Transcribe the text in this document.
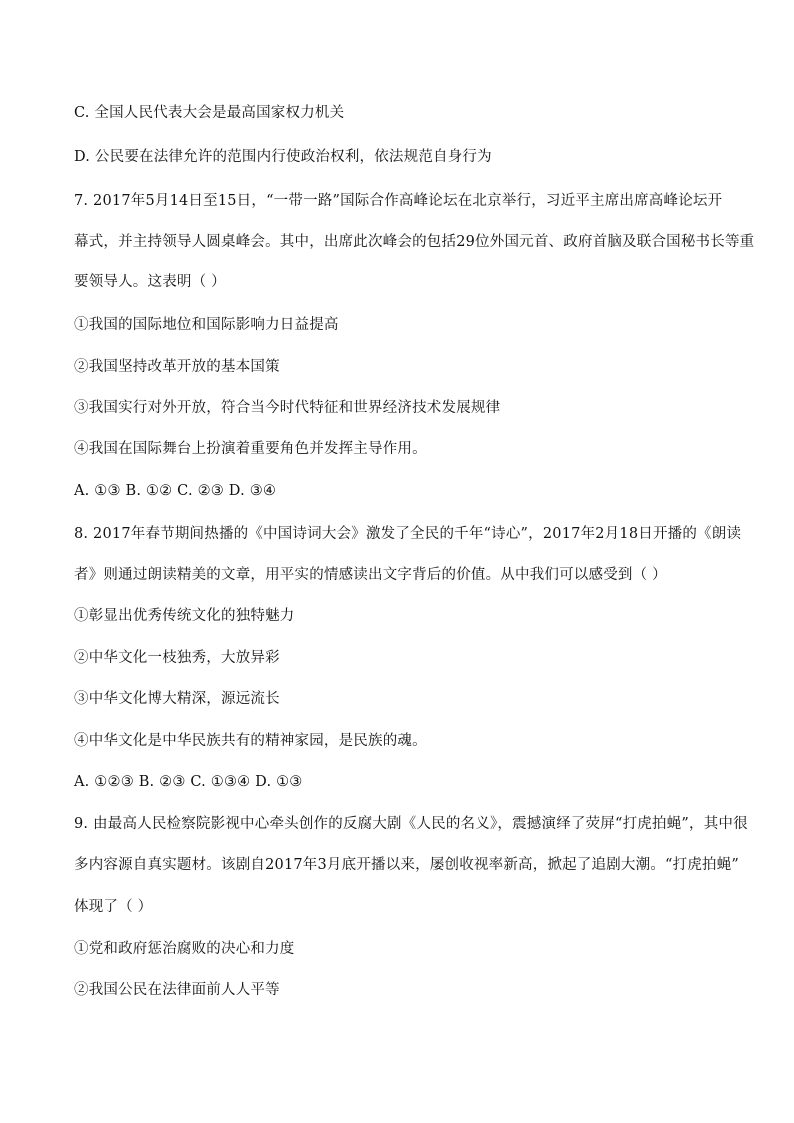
C. 全国人民代表大会是最高国家权力机关
D. 公民要在法律允许的范围内行使政治权利，依法规范自身行为
7. 2017年5月14日至15日，“一带一路”国际合作高峰论坛在北京举行，习近平主席出席高峰论坛开
幕式，并主持领导人圆桌峰会。其中，出席此次峰会的包括29位外国元首、政府首脑及联合国秘书长等重
要领导人。这表明（ ）
①我国的国际地位和国际影响力日益提高
②我国坚持改革开放的基本国策
③我国实行对外开放，符合当今时代特征和世界经济技术发展规律
④我国在国际舞台上扮演着重要角色并发挥主导作用。
A. ①③ B. ①② C. ②③ D. ③④
8. 2017年春节期间热播的《中国诗词大会》激发了全民的千年“诗心”，2017年2月18日开播的《朗读
者》则通过朗读精美的文章，用平实的情感读出文字背后的价值。从中我们可以感受到（ ）
①彰显出优秀传统文化的独特魅力
②中华文化一枝独秀，大放异彩
③中华文化博大精深，源远流长
④中华文化是中华民族共有的精神家园，是民族的魂。
A. ①②③ B. ②③ C. ①③④ D. ①③
9. 由最高人民检察院影视中心牵头创作的反腐大剧《人民的名义》，震撼演绎了荧屏“打虎拍蝇”，其中很
多内容源自真实题材。该剧自2017年3月底开播以来，屡创收视率新高，掀起了追剧大潮。“打虎拍蝇”
体现了（ ）
①党和政府惩治腐败的决心和力度
②我国公民在法律面前人人平等
